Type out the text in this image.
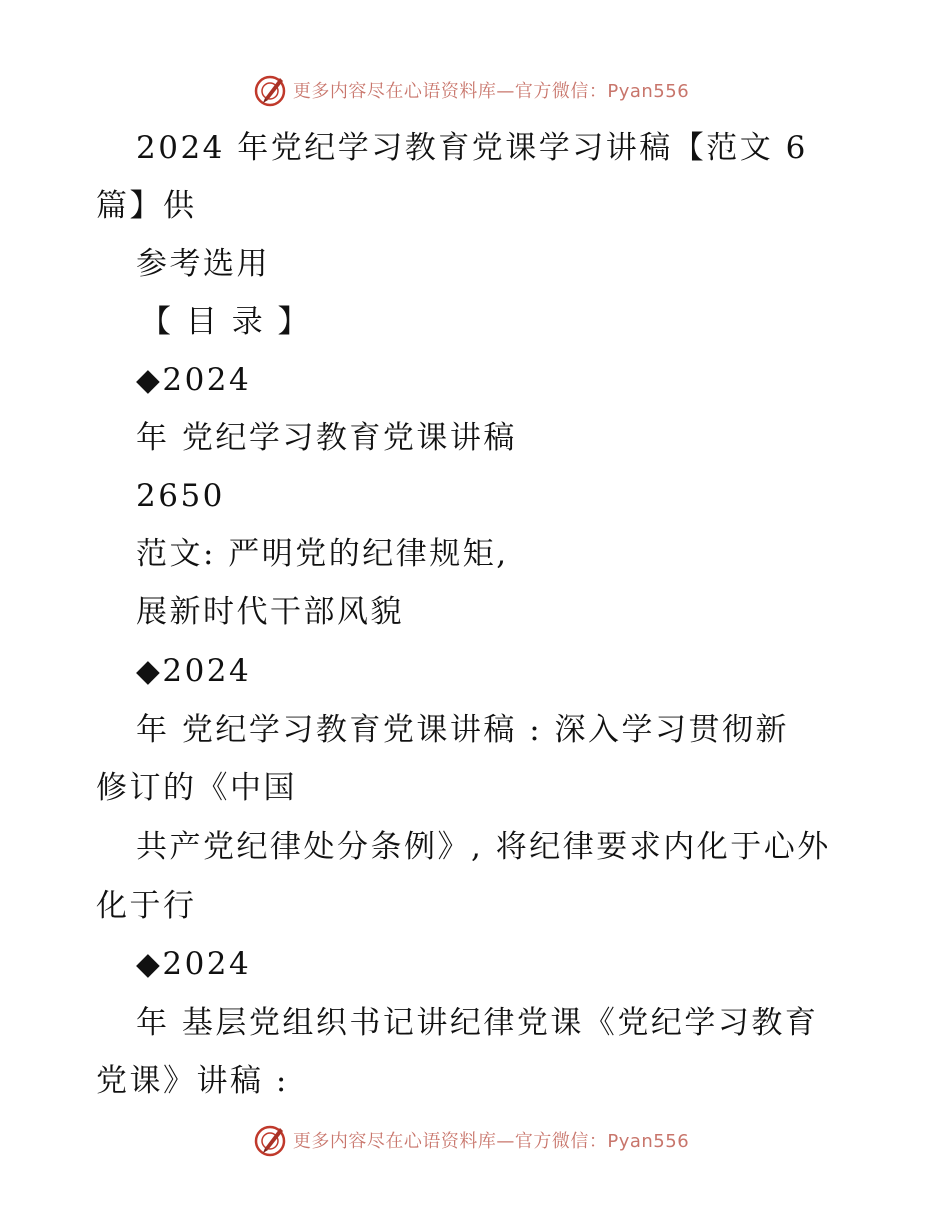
更多内容尽在心语资料库—官方微信：Pyan556
2024 年党纪学习教育党课学习讲稿【范文 6
篇】供
参考选用
【 目 录 】
◆2024
年 党纪学习教育党课讲稿
2650
范文: 严明党的纪律规矩,
展新时代干部风貌
◆2024
年 党纪学习教育党课讲稿 : 深入学习贯彻新
修订的《中国
共产党纪律处分条例》, 将纪律要求内化于心外
化于行
◆2024
年 基层党组织书记讲纪律党课《党纪学习教育
党课》讲稿 :
更多内容尽在心语资料库—官方微信：Pyan556
